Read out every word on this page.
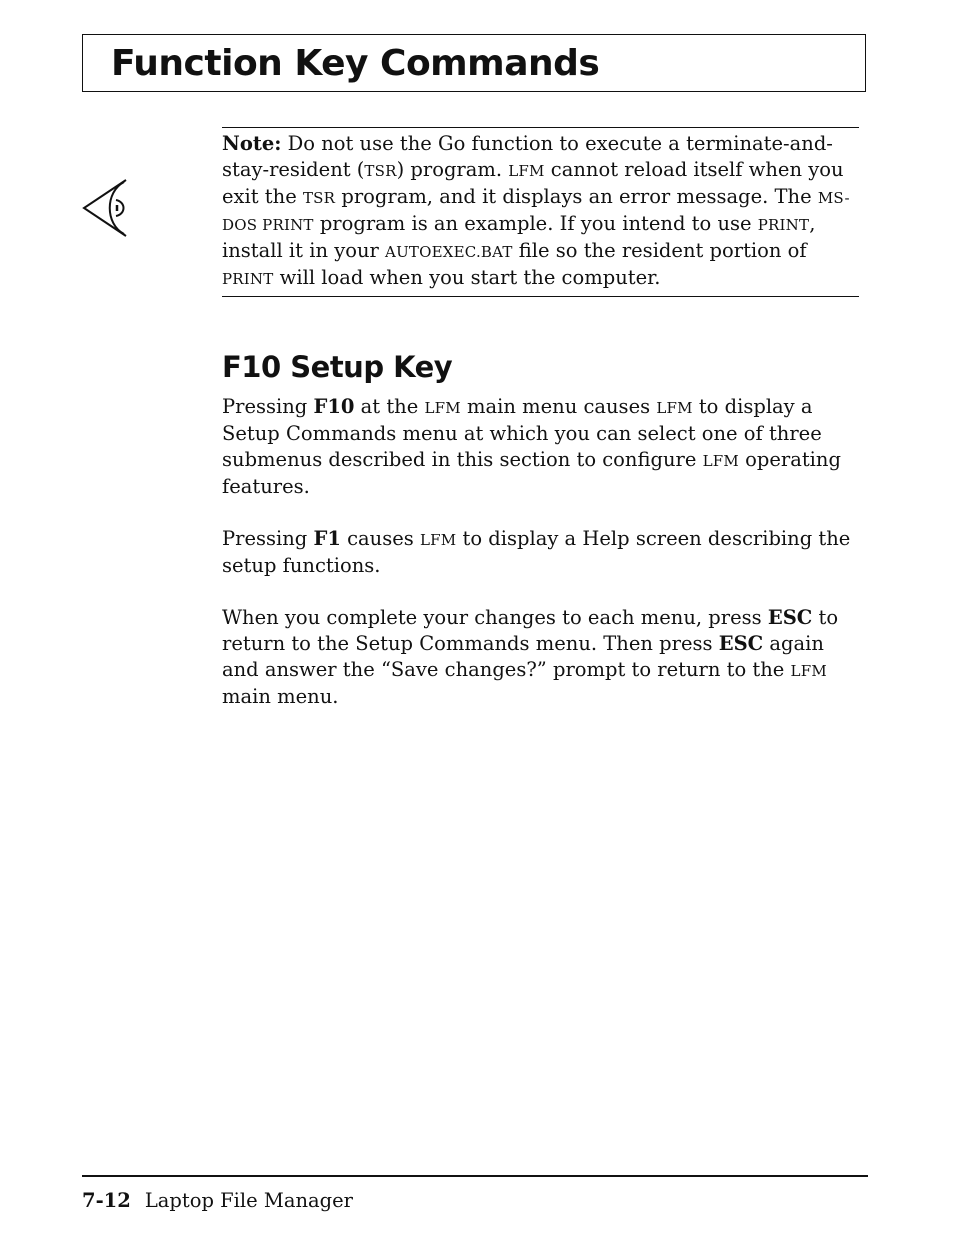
Function Key Commands

Note: Do not use the Go function to execute a terminate-and-stay-resident (TSR) program. LFM cannot reload itself when you exit the TSR program, and it displays an error message. The MS-DOS PRINT program is an example. If you intend to use PRINT, install it in your AUTOEXEC.BAT file so the resident portion of PRINT will load when you start the computer.

F10 Setup Key

Pressing F10 at the LFM main menu causes LFM to display a Setup Commands menu at which you can select one of three submenus described in this section to configure LFM operating features.

Pressing F1 causes LFM to display a Help screen describing the setup functions.

When you complete your changes to each menu, press ESC to return to the Setup Commands menu. Then press ESC again and answer the “Save changes?” prompt to return to the LFM main menu.

7-12 Laptop File Manager
